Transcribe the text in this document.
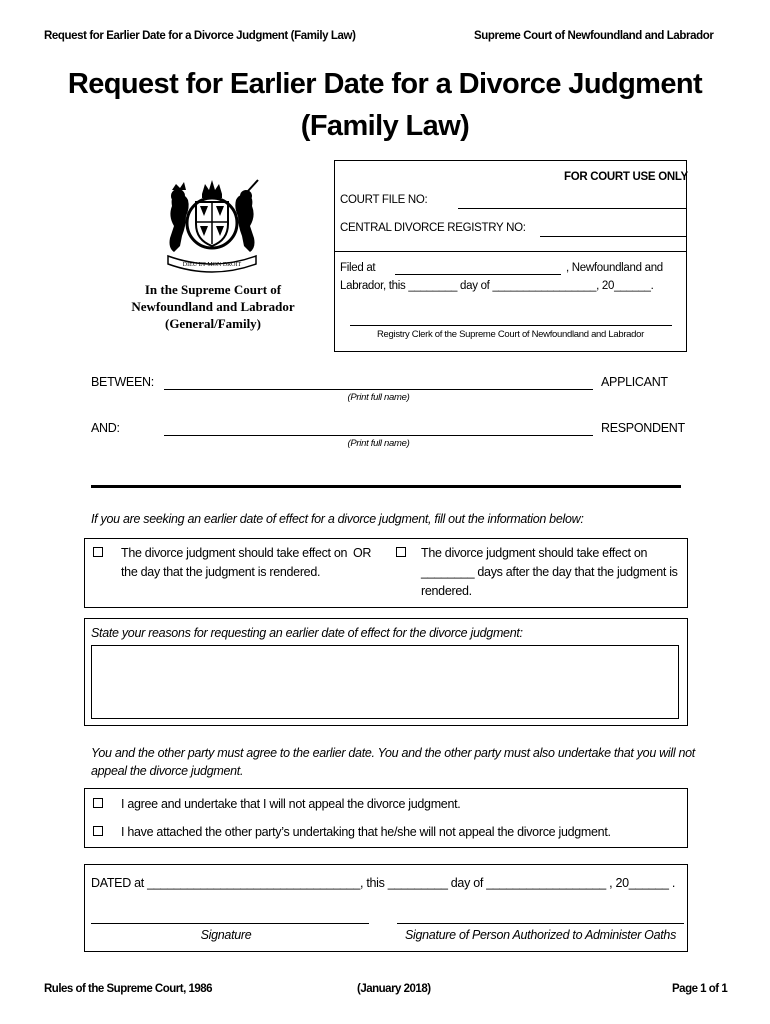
Request for Earlier Date for a Divorce Judgment (Family Law)	Supreme Court of Newfoundland and Labrador
Request for Earlier Date for a Divorce Judgment
(Family Law)
DIEU ET MON DROIT
In the Supreme Court of
Newfoundland and Labrador
(General/Family)
FOR COURT USE ONLY
COURT FILE NO:
CENTRAL DIVORCE REGISTRY NO:
Filed at	, Newfoundland and
Labrador, this ________ day of _________________, 20______.
Registry Clerk of the Supreme Court of Newfoundland and Labrador
BETWEEN:	APPLICANT
(Print full name)
AND:	RESPONDENT
(Print full name)
If you are seeking an earlier date of effect for a divorce judgment, fill out the information below:
The divorce judgment should take effect on
the day that the judgment is rendered.
OR	The divorce judgment should take effect on
________ days after the day that the judgment is
rendered.
State your reasons for requesting an earlier date of effect for the divorce judgment:
You and the other party must agree to the earlier date. You and the other party must also undertake that you will not
appeal the divorce judgment.
I agree and undertake that I will not appeal the divorce judgment.
I have attached the other party’s undertaking that he/she will not appeal the divorce judgment.
DATED at ________________________________, this _________ day of __________________ , 20______ .
Signature	Signature of Person Authorized to Administer Oaths
Rules of the Supreme Court, 1986	(January 2018)	Page 1 of 1
